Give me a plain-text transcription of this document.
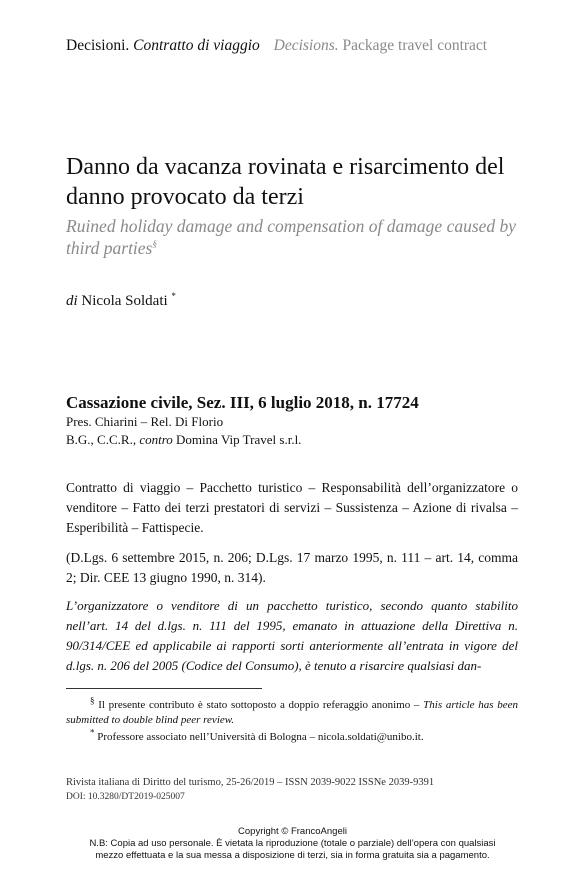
Decisioni. Contratto di viaggio Decisions. Package travel contract
Danno da vacanza rovinata e risarcimento del danno provocato da terzi
Ruined holiday damage and compensation of damage caused by third parties§
di Nicola Soldati *
Cassazione civile, Sez. III, 6 luglio 2018, n. 17724
Pres. Chiarini – Rel. Di Florio
B.G., C.C.R., contro Domina Vip Travel s.r.l.
Contratto di viaggio – Pacchetto turistico – Responsabilità dell’organizzatore o venditore – Fatto dei terzi prestatori di servizi – Sussistenza – Azione di rivalsa – Esperibilità – Fattispecie.
(D.Lgs. 6 settembre 2015, n. 206; D.Lgs. 17 marzo 1995, n. 111 – art. 14, comma 2; Dir. CEE 13 giugno 1990, n. 314).
L’organizzatore o venditore di un pacchetto turistico, secondo quanto stabilito nell’art. 14 del d.lgs. n. 111 del 1995, emanato in attuazione della Direttiva n. 90/314/CEE ed applicabile ai rapporti sorti anteriormente all’entrata in vigore del d.lgs. n. 206 del 2005 (Codice del Consumo), è tenuto a risarcire qualsiasi dan-

§ Il presente contributo è stato sottoposto a doppio referaggio anonimo – This article has been submitted to double blind peer review.

* Professore associato nell’Università di Bologna – nicola.soldati@unibo.it.

Rivista italiana di Diritto del turismo, 25-26/2019 – ISSN 2039-9022 ISSNe 2039-9391
DOI: 10.3280/DT2019-025007
Copyright © FrancoAngeli
N.B: Copia ad uso personale. È vietata la riproduzione (totale o parziale) dell’opera con qualsiasi
mezzo effettuata e la sua messa a disposizione di terzi, sia in forma gratuita sia a pagamento.
